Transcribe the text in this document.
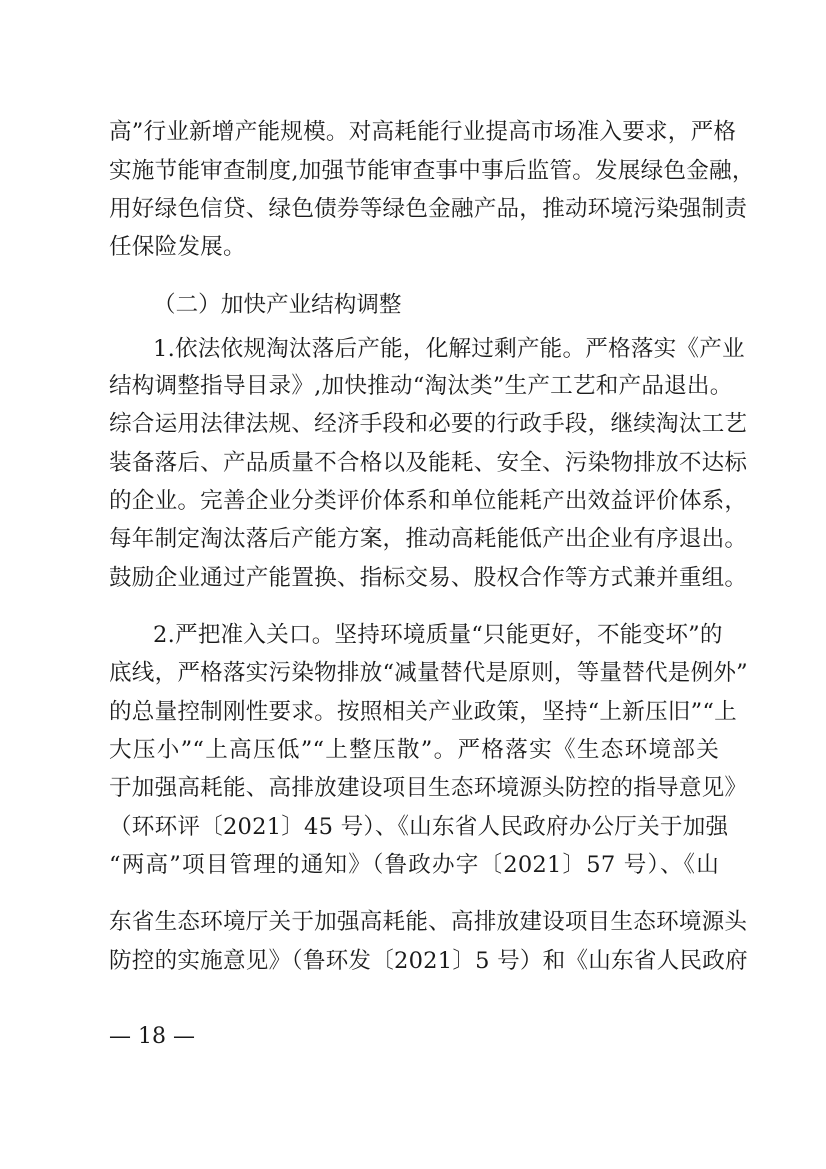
高”行业新增产能规模。对高耗能行业提高市场准入要求，严格
实施节能审查制度,加强节能审查事中事后监管。发展绿色金融，
用好绿色信贷、绿色债券等绿色金融产品，推动环境污染强制责
任保险发展。
（二）加快产业结构调整
1.依法依规淘汰落后产能，化解过剩产能。严格落实《产业
结构调整指导目录》,加快推动“淘汰类”生产工艺和产品退出。
综合运用法律法规、经济手段和必要的行政手段，继续淘汰工艺
装备落后、产品质量不合格以及能耗、安全、污染物排放不达标
的企业。完善企业分类评价体系和单位能耗产出效益评价体系，
每年制定淘汰落后产能方案，推动高耗能低产出企业有序退出。
鼓励企业通过产能置换、指标交易、股权合作等方式兼并重组。
2.严把准入关口。坚持环境质量“只能更好，不能变坏”的
底线，严格落实污染物排放“减量替代是原则，等量替代是例外”
的总量控制刚性要求。按照相关产业政策，坚持“上新压旧”“上
大压小”“上高压低”“上整压散”。严格落实《生态环境部关
于加强高耗能、高排放建设项目生态环境源头防控的指导意见》
（环环评〔2021〕45 号）、《山东省人民政府办公厅关于加强
“两高”项目管理的通知》（鲁政办字〔2021〕57 号）、《山
东省生态环境厅关于加强高耗能、高排放建设项目生态环境源头
防控的实施意见》（鲁环发〔2021〕5 号）和《山东省人民政府
— 18 —
